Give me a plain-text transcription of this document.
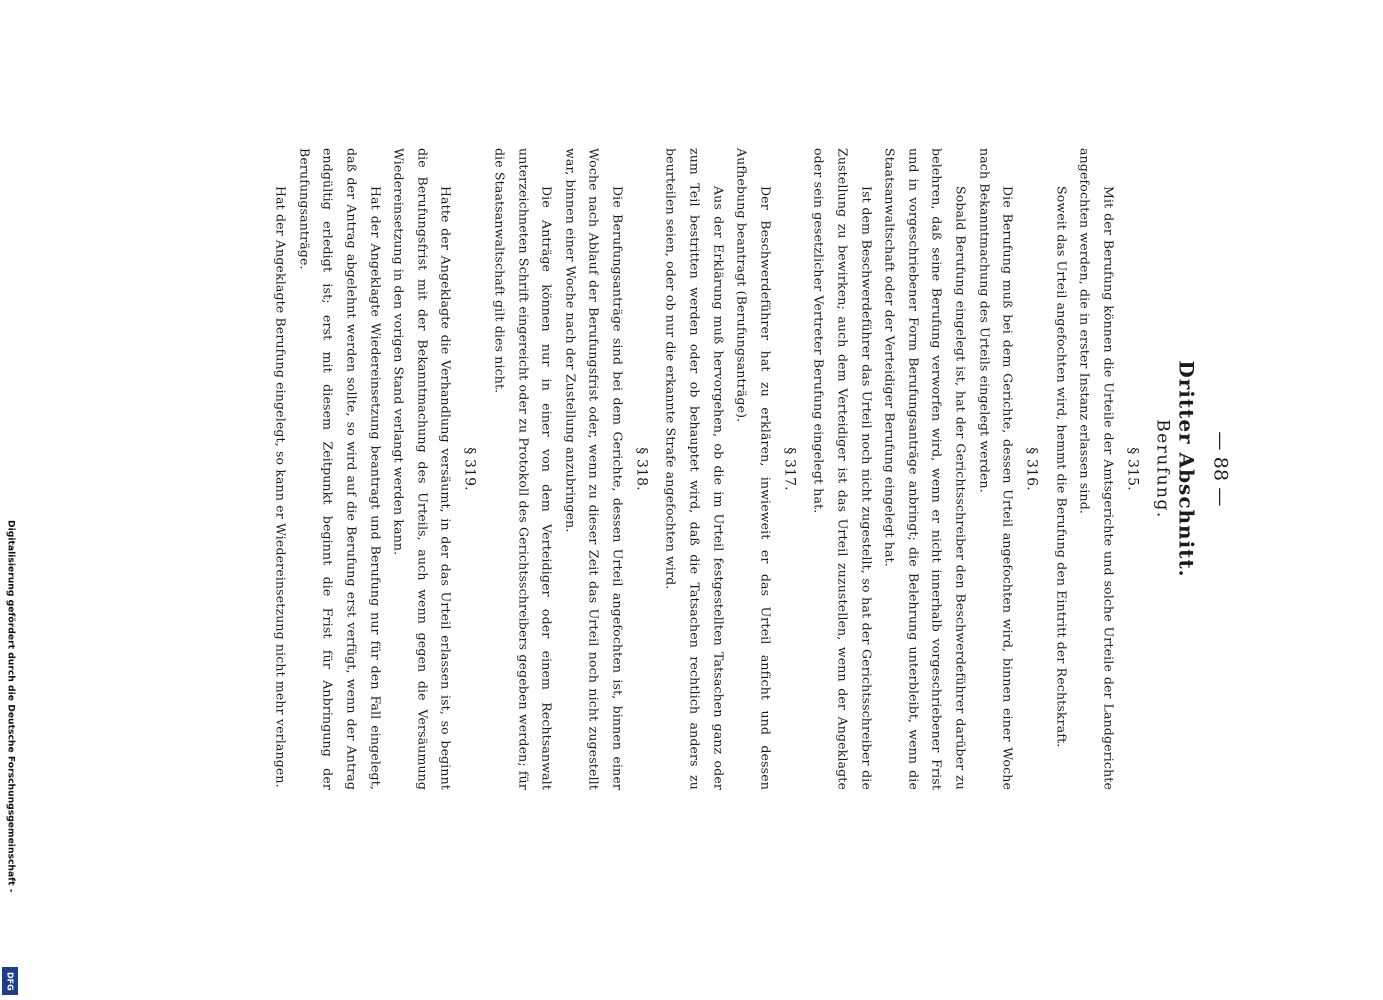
— 88 —
Dritter Abschnitt.
Berufung.
§ 315.

Mit der Berufung können die Urteile der Amtsgerichte und solche Urteile der Landgerichte angefochten werden, die in erster Instanz erlassen sind.

Soweit das Urteil angefochten wird, hemmt die Berufung den Eintritt der Rechtskraft.

§ 316.

Die Berufung muß bei dem Gerichte, dessen Urteil angefochten wird, binnen einer Woche nach Bekanntmachung des Urteils eingelegt werden.

Sobald Berufung eingelegt ist, hat der Gerichtsschreiber den Beschwerdeführer darüber zu belehren, daß seine Berufung verworfen wird, wenn er nicht innerhalb vorgeschriebener Frist und in vorgeschriebener Form Berufungsanträge anbringt; die Belehrung unterbleibt, wenn die Staatsanwaltschaft oder der Verteidiger Berufung eingelegt hat.

Ist dem Beschwerdeführer das Urteil noch nicht zugestellt, so hat der Gerichtsschreiber die Zustellung zu bewirken; auch dem Verteidiger ist das Urteil zuzustellen, wenn der Angeklagte oder sein gesetzlicher Vertreter Berufung eingelegt hat.

§ 317.

Der Beschwerdeführer hat zu erklären, inwieweit er das Urteil anficht und dessen Aufhebung beantragt (Berufungsanträge).

Aus der Erklärung muß hervorgehen, ob die im Urteil festgestellten Tatsachen ganz oder zum Teil bestritten werden oder ob behauptet wird, daß die Tatsachen rechtlich anders zu beurteilen seien, oder ob nur die erkannte Strafe angefochten wird.

§ 318.

Die Berufungsanträge sind bei dem Gerichte, dessen Urteil angefochten ist, binnen einer Woche nach Ablauf der Berufungsfrist oder, wenn zu dieser Zeit das Urteil noch nicht zugestellt war, binnen einer Woche nach der Zustellung anzubringen.

Die Anträge können nur in einer von dem Verteidiger oder einem Rechtsanwalt unterzeichneten Schrift eingereicht oder zu Protokoll des Gerichtsschreibers gegeben werden; für die Staatsanwaltschaft gilt dies nicht.

§ 319.

Hatte der Angeklagte die Verhandlung versäumt, in der das Urteil erlassen ist, so beginnt die Berufungsfrist mit der Bekanntmachung des Urteils, auch wenn gegen die Versäumung Wiedereinsetzung in den vorigen Stand verlangt werden kann.

Hat der Angeklagte Wiedereinsetzung beantragt und Berufung nur für den Fall eingelegt, daß der Antrag abgelehnt werden sollte, so wird auf die Berufung erst verfügt, wenn der Antrag endgültig erledigt ist; erst mit diesem Zeitpunkt beginnt die Frist für Anbringung der Berufungsanträge.

Hat der Angeklagte Berufung eingelegt, so kann er Wiedereinsetzung nicht mehr verlangen.

Digitalisierung gefördert durch die Deutsche Forschungsgemeinschaft -
DFG
